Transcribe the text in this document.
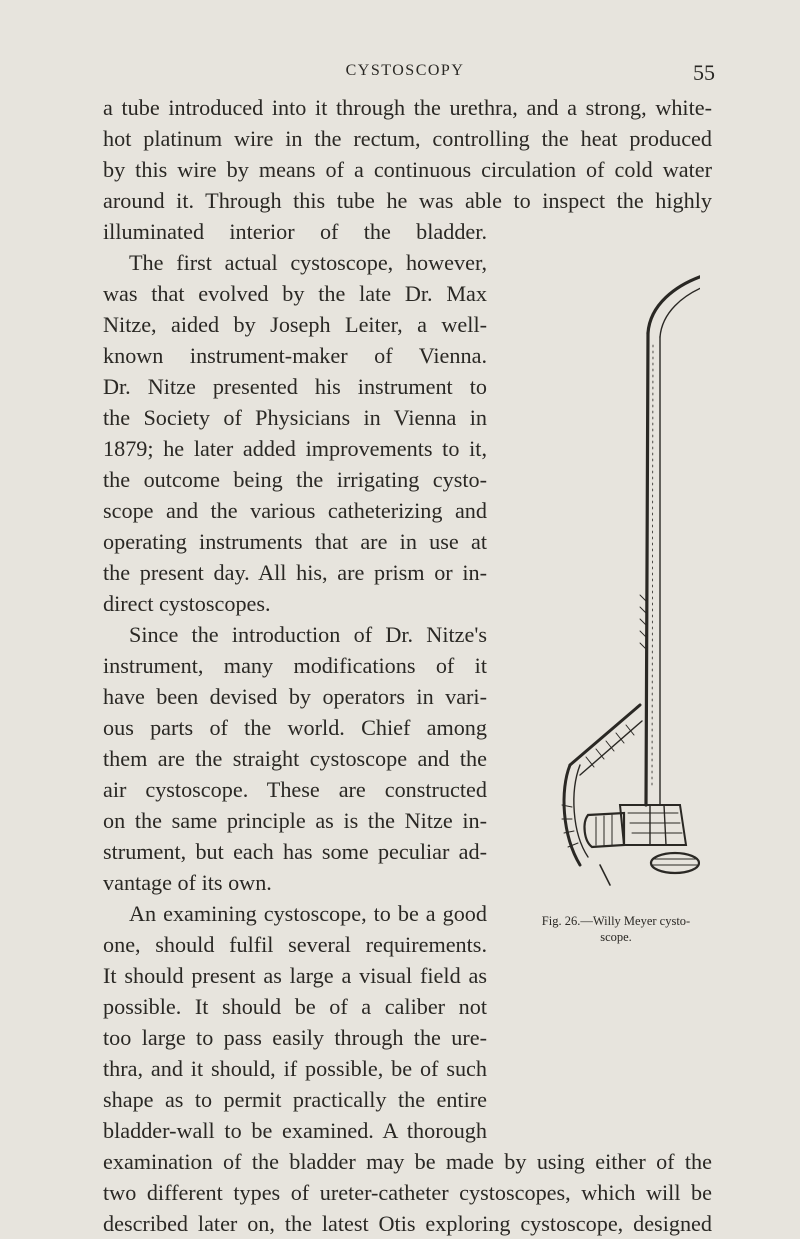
CYSTOSCOPY	55
a tube introduced into it through the urethra, and a strong, white-
hot platinum wire in the rectum, controlling the heat produced
by this wire by means of a continuous circulation of cold water
around it. Through this tube he was able to inspect the highly
illuminated interior of the bladder.
The first actual cystoscope, however,
was that evolved by the late Dr. Max
Nitze, aided by Joseph Leiter, a well-
known instrument-maker of Vienna.
Dr. Nitze presented his instrument to
the Society of Physicians in Vienna in
1879; he later added improvements to it,
the outcome being the irrigating cysto-
scope and the various catheterizing and
operating instruments that are in use at
the present day. All his, are prism or in-
direct cystoscopes.
Since the introduction of Dr. Nitze's
instrument, many modifications of it
have been devised by operators in vari-
ous parts of the world. Chief among
them are the straight cystoscope and the
air cystoscope. These are constructed
on the same principle as is the Nitze in-
strument, but each has some peculiar ad-
vantage of its own.
An examining cystoscope, to be a good
one, should fulfil several requirements.
It should present as large a visual field as
possible. It should be of a caliber not
too large to pass easily through the ure-
thra, and it should, if possible, be of such
shape as to permit practically the entire
bladder-wall to be examined. A thorough
examination of the bladder may be made by using either of the
two different types of ureter-catheter cystoscopes, which will be
described later on, the latest Otis exploring cystoscope, designed
Fig. 26.—Willy Meyer cysto-
scope.
